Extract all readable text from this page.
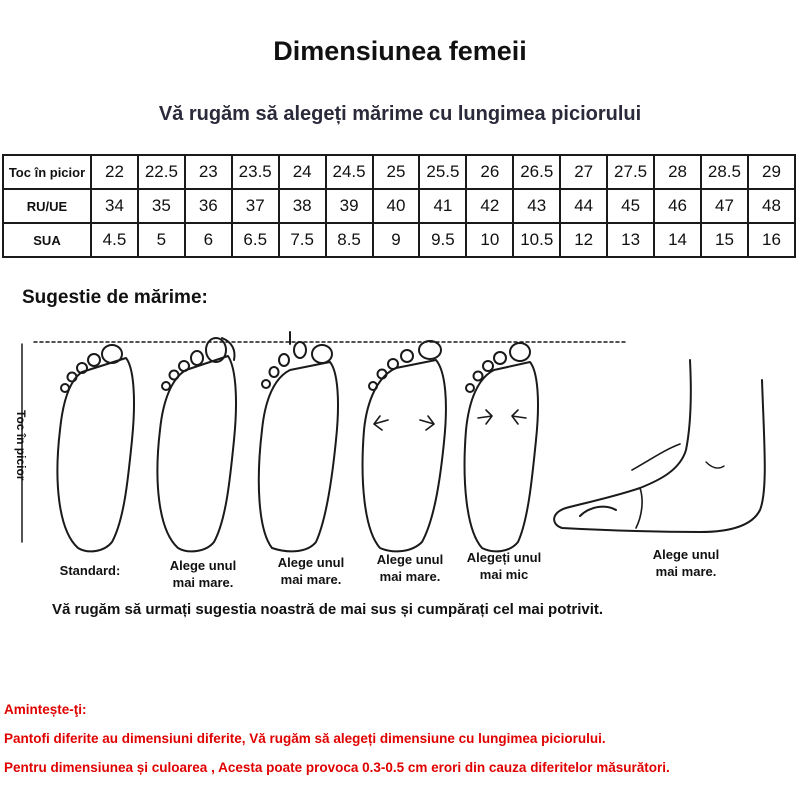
Dimensiunea femeii
Vă rugăm să alegeți mărime cu lungimea piciorului
Toc în picior	22	22.5	23	23.5	24	24.5	25	25.5	26	26.5	27	27.5	28	28.5	29
RU/UE	34	35	36	37	38	39	40	41	42	43	44	45	46	47	48
SUA	4.5	5	6	6.5	7.5	8.5	9	9.5	10	10.5	12	13	14	15	16
Sugestie de mărime:
Toc în picior
Standard:	Alege unul mai mare.
Alege unul mai mare.
Alege unul mai mare.
Alegeți unul mai mic
Alege unul mai mare.
Vă rugăm să urmați sugestia noastră de mai sus și cumpărați cel mai potrivit.
Amintește-ţi:
Pantofi diferite au dimensiuni diferite, Vă rugăm să alegeți dimensiune cu lungimea piciorului.
Pentru dimensiunea și culoarea , Acesta poate provoca 0.3-0.5 cm erori din cauza diferitelor măsurători.
